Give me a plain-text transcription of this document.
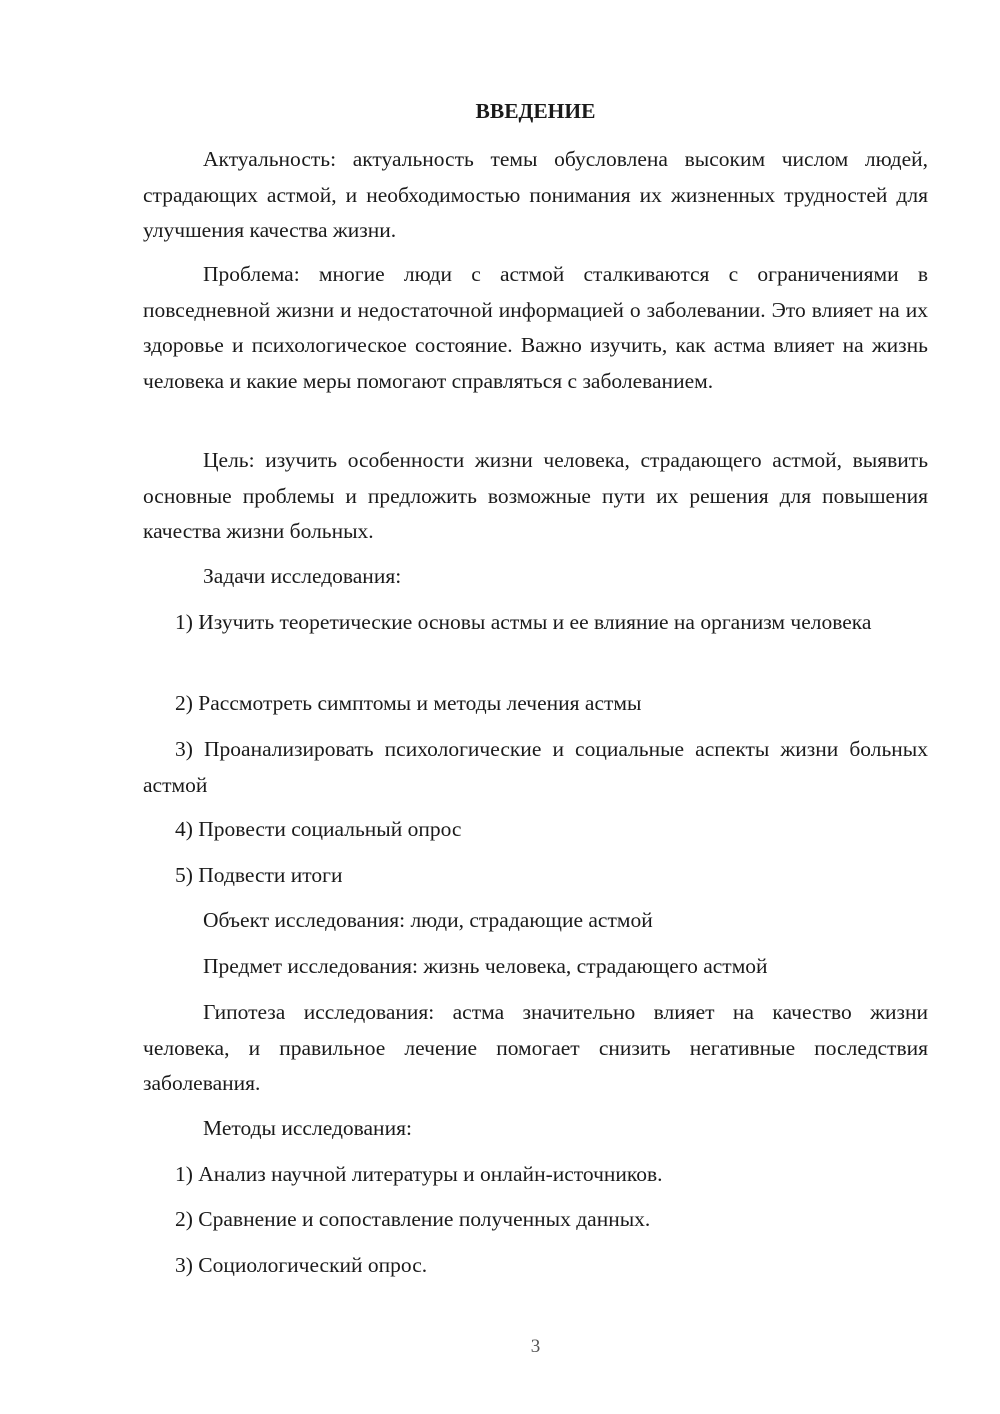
ВВЕДЕНИЕ

Актуальность: актуальность темы обусловлена высоким числом людей, страдающих астмой, и необходимостью понимания их жизненных трудностей для улучшения качества жизни.

Проблема: многие люди с астмой сталкиваются с ограничениями в повседневной жизни и недостаточной информацией о заболевании. Это влияет на их здоровье и психологическое состояние. Важно изучить, как астма влияет на жизнь человека и какие меры помогают справляться с заболеванием.

Цель: изучить особенности жизни человека, страдающего астмой, выявить основные проблемы и предложить возможные пути их решения для повышения качества жизни больных.

Задачи исследования:

1) Изучить теоретические основы астмы и ее влияние на организм человека

2) Рассмотреть симптомы и методы лечения астмы

3) Проанализировать психологические и социальные аспекты жизни больных астмой

4) Провести социальный опрос

5) Подвести итоги

Объект исследования: люди, страдающие астмой

Предмет исследования: жизнь человека, страдающего астмой

Гипотеза исследования: астма значительно влияет на качество жизни человека, и правильное лечение помогает снизить негативные последствия заболевания.

Методы исследования:

1) Анализ научной литературы и онлайн-источников.

2) Сравнение и сопоставление полученных данных.

3) Социологический опрос.

3
